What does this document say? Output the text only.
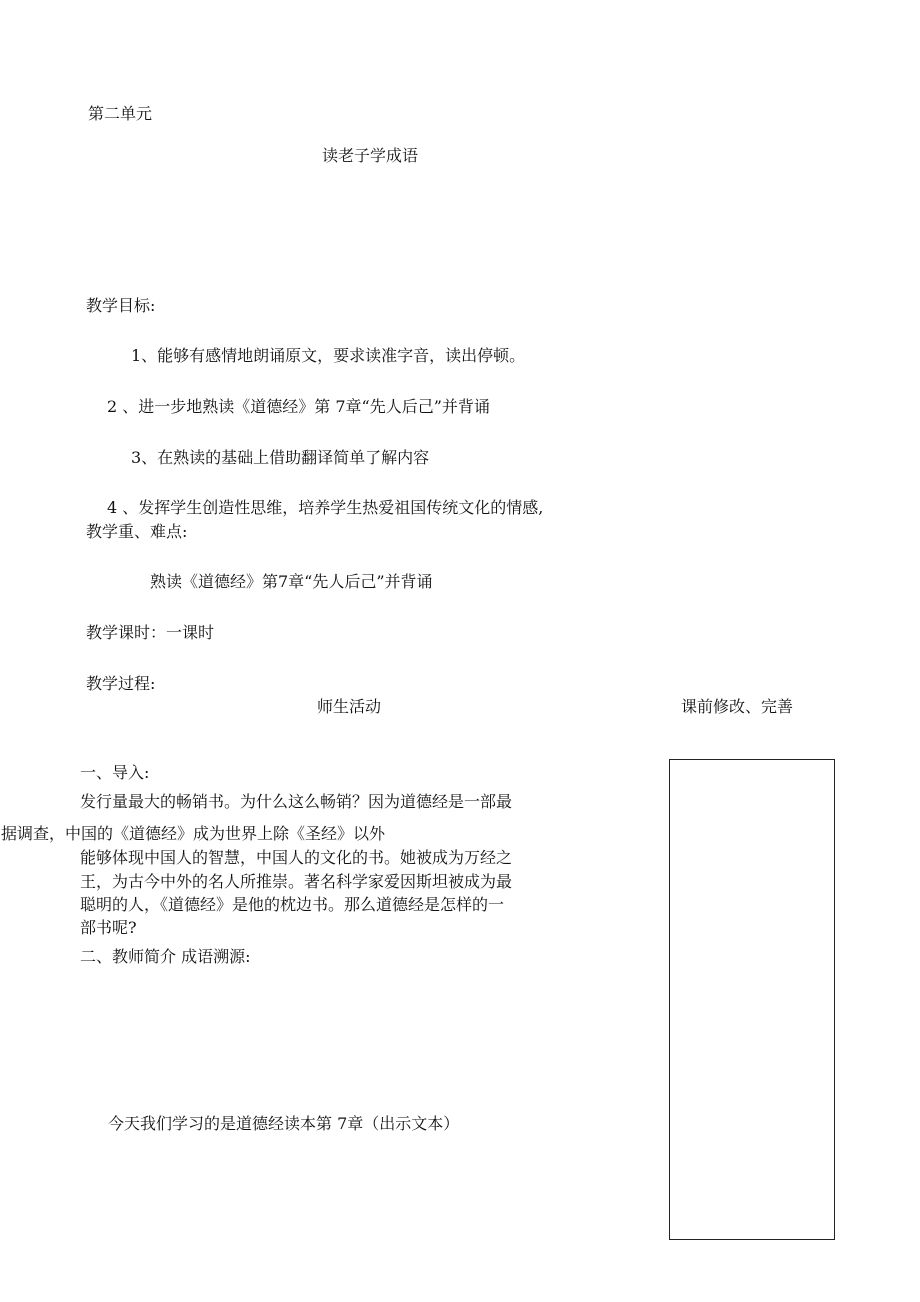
第二单元

读老子学成语

教学目标:

1、能够有感情地朗诵原文，要求读准字音，读出停顿。

2 、进一步地熟读《道德经》第 7章“先人后己”并背诵

3、在熟读的基础上借助翻译简单了解内容

4 、发挥学生创造性思维，培养学生热爱祖国传统文化的情感,

教学重、难点:

熟读《道德经》第7章“先人后己”并背诵

教学课时：一课时

教学过程:

师生活动	课前修改、完善

一、导入:

发行量最大的畅销书。为什么这么畅销？因为道德经是一部最

据调查，中国的《道德经》成为世界上除《圣经》以外

能够体现中国人的智慧，中国人的文化的书。她被成为万经之

王，为古今中外的名人所推崇。著名科学家爱因斯坦被成为最

聪明的人，《道德经》是他的枕边书。那么道德经是怎样的一

部书呢?

二、教师简介 成语溯源:

今天我们学习的是道德经读本第 7章（出示文本）
